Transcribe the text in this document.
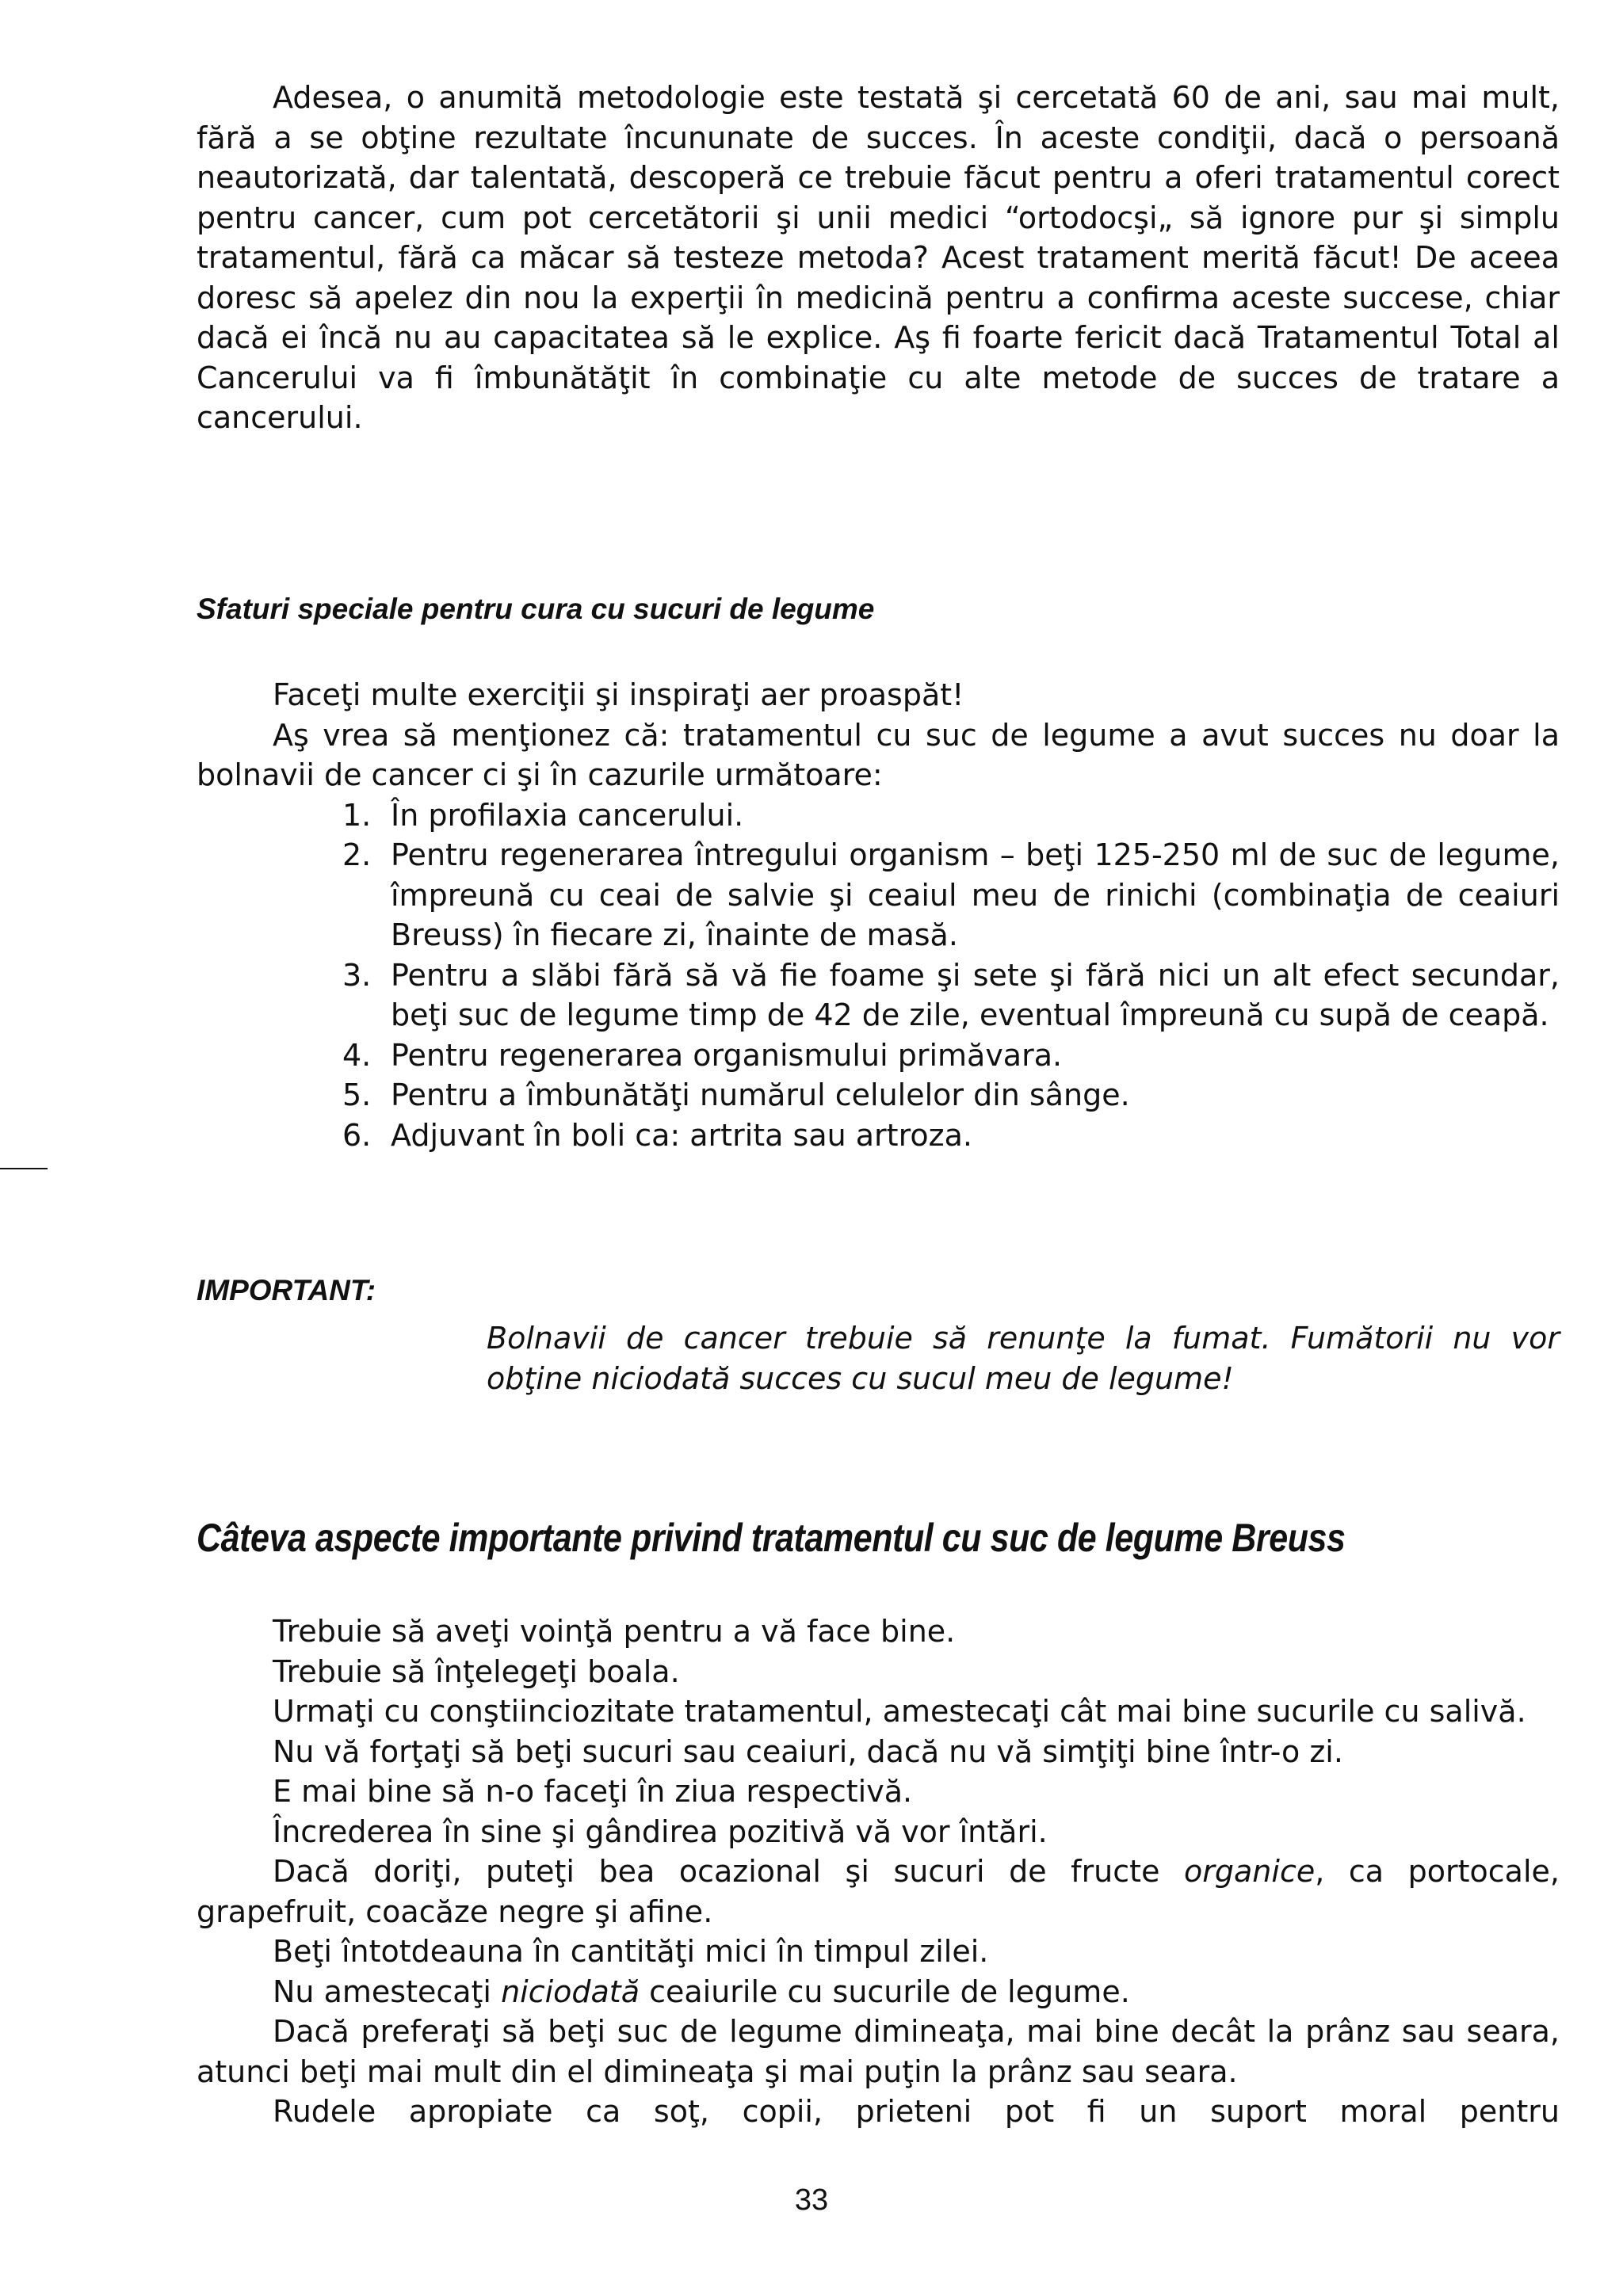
Adesea, o anumită metodologie este testată şi cercetată 60 de ani, sau mai mult, fără a se obţine rezultate încununate de succes. În aceste condiţii, dacă o persoană neautorizată, dar talentată, descoperă ce trebuie făcut pentru a oferi tratamentul corect pentru cancer, cum pot cercetătorii şi unii medici “ortodocşi„ să ignore pur şi simplu tratamentul, fără ca măcar să testeze metoda? Acest tratament merită făcut! De aceea doresc să apelez din nou la experţii în medicină pentru a confirma aceste succese, chiar dacă ei încă nu au capacitatea să le explice. Aş fi foarte fericit dacă Tratamentul Total al Cancerului va fi îmbunătăţit în combinaţie cu alte metode de succes de tratare a cancerului.

Sfaturi speciale pentru cura cu sucuri de legume

Faceţi multe exerciţii şi inspiraţi aer proaspăt!

Aş vrea să menţionez că: tratamentul cu suc de legume a avut succes nu doar la bolnavii de cancer ci şi în cazurile următoare:

1. În profilaxia cancerului.
2. Pentru regenerarea întregului organism – beţi 125-250 ml de suc de legume, împreună cu ceai de salvie şi ceaiul meu de rinichi (combinaţia de ceaiuri Breuss) în fiecare zi, înainte de masă.
3. Pentru a slăbi fără să vă fie foame şi sete şi fără nici un alt efect secundar, beţi suc de legume timp de 42 de zile, eventual împreună cu supă de ceapă.
4. Pentru regenerarea organismului primăvara.
5. Pentru a îmbunătăţi numărul celulelor din sânge.
6. Adjuvant în boli ca: artrita sau artroza.
IMPORTANT:

Bolnavii de cancer trebuie să renunţe la fumat. Fumătorii nu vor obţine niciodată succes cu sucul meu de legume!

Câteva aspecte importante privind tratamentul cu suc de legume Breuss

Trebuie să aveţi voinţă pentru a vă face bine.

Trebuie să înţelegeţi boala.

Urmaţi cu conştiinciozitate tratamentul, amestecaţi cât mai bine sucurile cu salivă.

Nu vă forţaţi să beţi sucuri sau ceaiuri, dacă nu vă simţiţi bine într-o zi.

E mai bine să n-o faceţi în ziua respectivă.

Încrederea în sine şi gândirea pozitivă vă vor întări.

Dacă doriţi, puteţi bea ocazional şi sucuri de fructe organice, ca portocale, grapefruit, coacăze negre şi afine.

Beţi întotdeauna în cantităţi mici în timpul zilei.

Nu amestecaţi niciodată ceaiurile cu sucurile de legume.

Dacă preferaţi să beţi suc de legume dimineaţa, mai bine decât la prânz sau seara, atunci beţi mai mult din el dimineaţa şi mai puţin la prânz sau seara.

Rudele apropiate ca soţ, copii, prieteni pot fi un suport moral pentru

33
